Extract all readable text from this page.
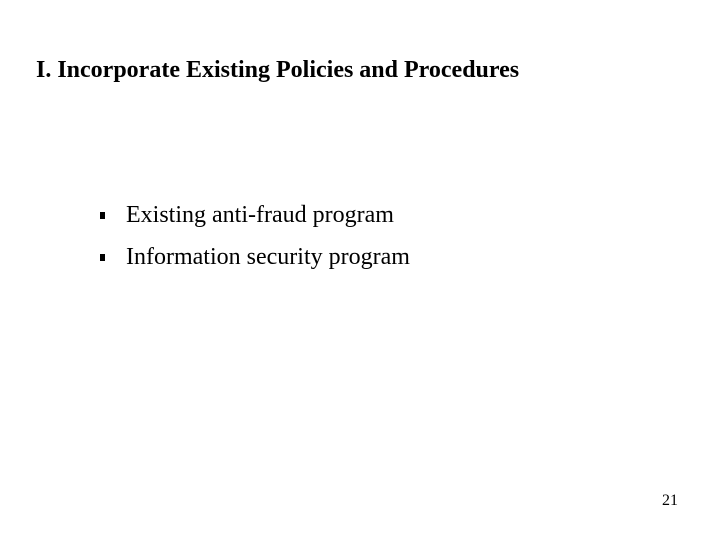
I. Incorporate Existing Policies and Procedures
Existing anti-fraud program
Information security program
21
